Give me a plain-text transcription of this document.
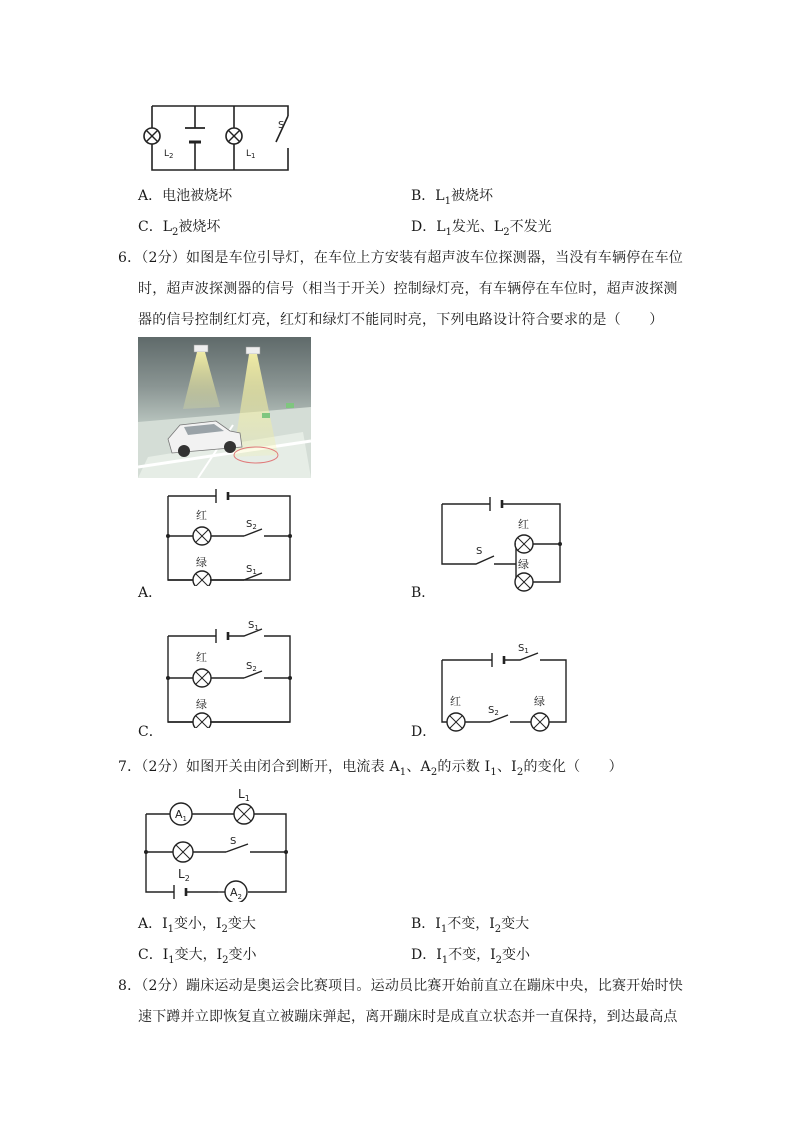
$L_2$	$L_1$
S
A．电池被烧坏	B．$L_1$被烧坏
C．$L_2$被烧坏	D．$L_1$发光、$L_2$不发光
6．（2分）如图是车位引导灯，在车位上方安装有超声波车位探测器，当没有车辆停在车位
时，超声波探测器的信号（相当于开关）控制绿灯亮，有车辆停在车位时，超声波探测
器的信号控制红灯亮，红灯和绿灯不能同时亮，下列电路设计符合要求的是（　　）
红
绿
$S_2$
$S_1$
A．
红
绿
S
B．
红
绿
$S_1$
$S_2$
C．
红	绿
$S_1$
$S_2$
D．
7．（2分）如图开关由闭合到断开，电流表 $A_1$、$A_2$的示数 $I_1$、$I_2$的变化（　　）
$A_1$
$A_2$
$L_1$
$L_2$
S
A．$I_1$变小，$I_2$变大	B．$I_1$不变，$I_2$变大
C．$I_1$变大，$I_2$变小	D．$I_1$不变，$I_2$变小
8．（2分）蹦床运动是奥运会比赛项目。运动员比赛开始前直立在蹦床中央，比赛开始时快
速下蹲并立即恢复直立被蹦床弹起，离开蹦床时是成直立状态并一直保持，到达最高点
